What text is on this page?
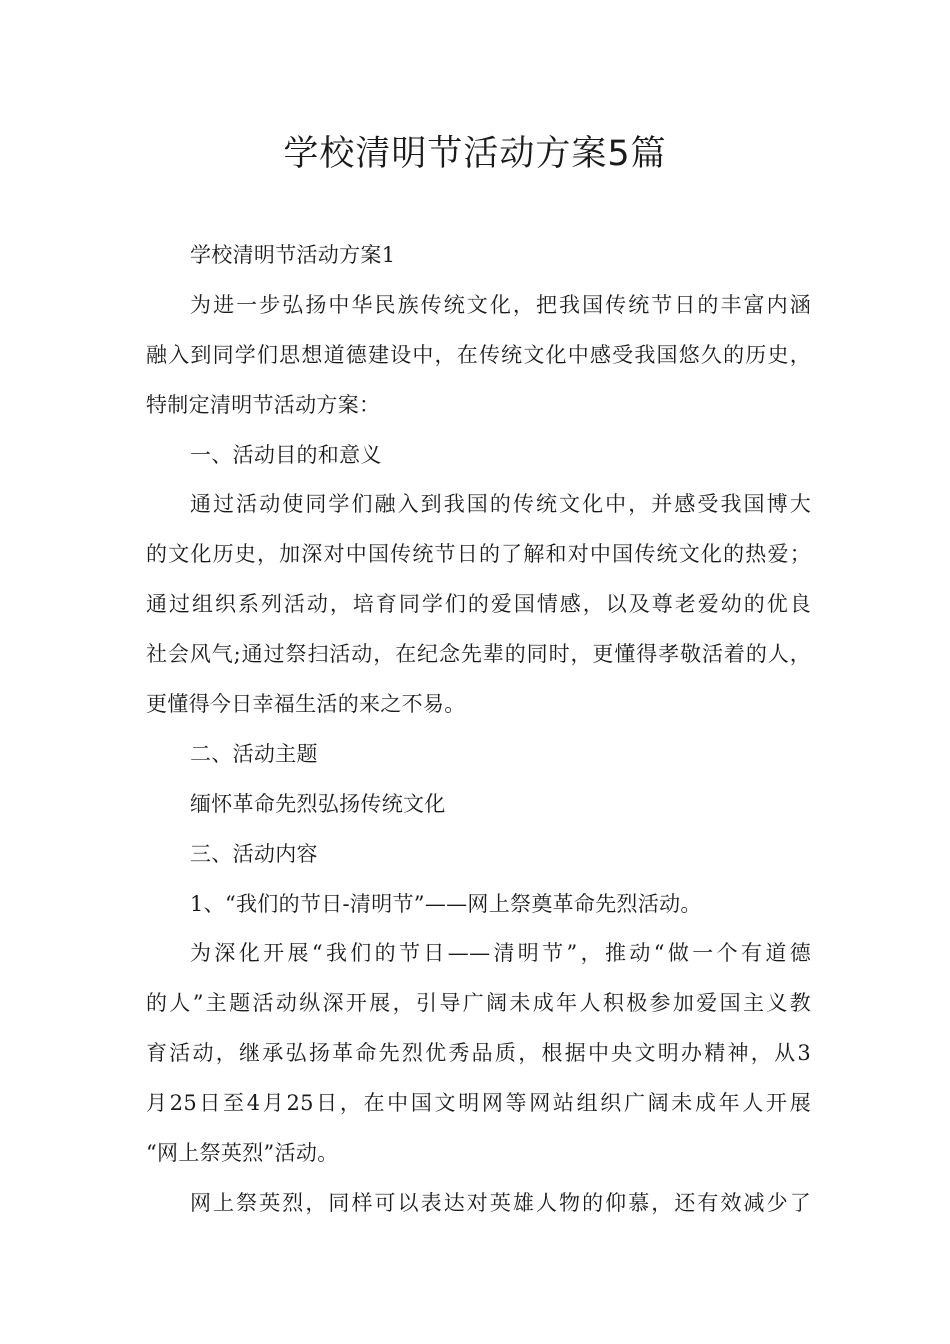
学校清明节活动方案5篇

学校清明节活动方案1

为进一步弘扬中华民族传统文化，把我国传统节日的丰富内涵

融入到同学们思想道德建设中，在传统文化中感受我国悠久的历史，

特制定清明节活动方案：

一、活动目的和意义

通过活动使同学们融入到我国的传统文化中，并感受我国博大

的文化历史，加深对中国传统节日的了解和对中国传统文化的热爱；

通过组织系列活动，培育同学们的爱国情感，以及尊老爱幼的优良

社会风气;通过祭扫活动，在纪念先辈的同时，更懂得孝敬活着的人，

更懂得今日幸福生活的来之不易。

二、活动主题

缅怀革命先烈弘扬传统文化

三、活动内容

1、“我们的节日-清明节”——网上祭奠革命先烈活动。

为深化开展“我们的节日——清明节”，推动“做一个有道德

的人”主题活动纵深开展，引导广阔未成年人积极参加爱国主义教

育活动，继承弘扬革命先烈优秀品质，根据中央文明办精神，从3

月25日至4月25日，在中国文明网等网站组织广阔未成年人开展

“网上祭英烈”活动。

网上祭英烈，同样可以表达对英雄人物的仰慕，还有效减少了
